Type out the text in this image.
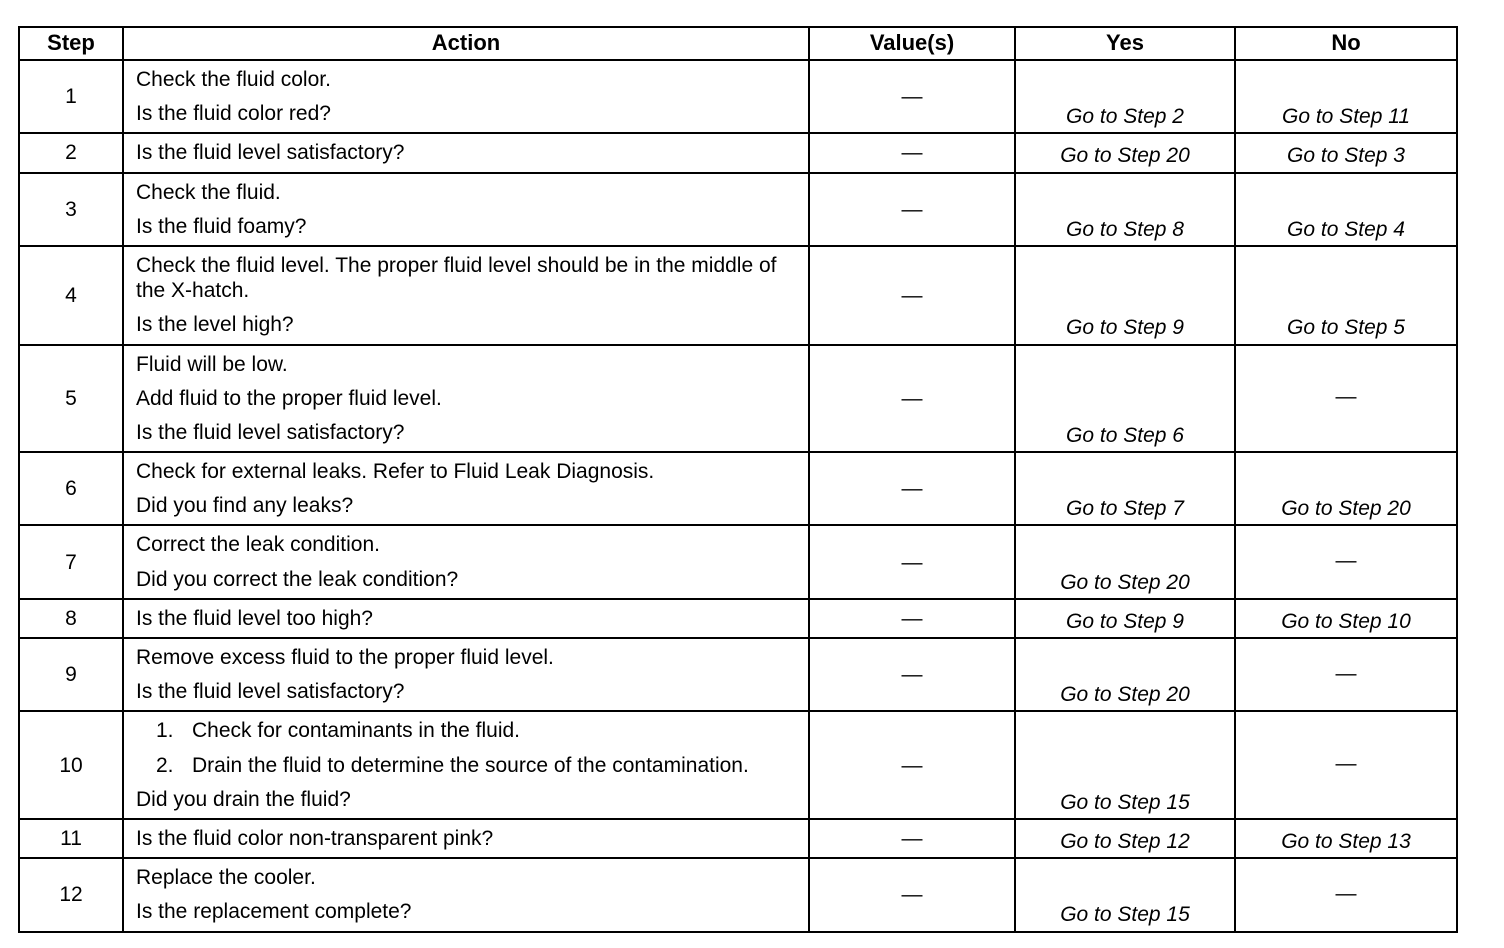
Step	Action	Value(s)	Yes	No
1	Check the fluid color.
Is the fluid color red?	—	Go to Step 2	Go to Step 11
2	Is the fluid level satisfactory?	—	Go to Step 20	Go to Step 3
3	Check the fluid.
Is the fluid foamy?	—	Go to Step 8	Go to Step 4
4	Check the fluid level. The proper fluid level should be in the middle of the X-hatch.
Is the level high?	—	Go to Step 9	Go to Step 5
5	Fluid will be low.
Add fluid to the proper fluid level.
Is the fluid level satisfactory?	—	Go to Step 6	—
6	Check for external leaks. Refer to Fluid Leak Diagnosis.
Did you find any leaks?	—	Go to Step 7	Go to Step 20
7	Correct the leak condition.
Did you correct the leak condition?	—	Go to Step 20	—
8	Is the fluid level too high?	—	Go to Step 9	Go to Step 10
9	Remove excess fluid to the proper fluid level.
Is the fluid level satisfactory?	—	Go to Step 20	—
10	1. Check for contaminants in the fluid.
2. Drain the fluid to determine the source of the contamination.
Did you drain the fluid?	—	Go to Step 15	—
11	Is the fluid color non-transparent pink?	—	Go to Step 12	Go to Step 13
12	Replace the cooler.
Is the replacement complete?	—	Go to Step 15	—
